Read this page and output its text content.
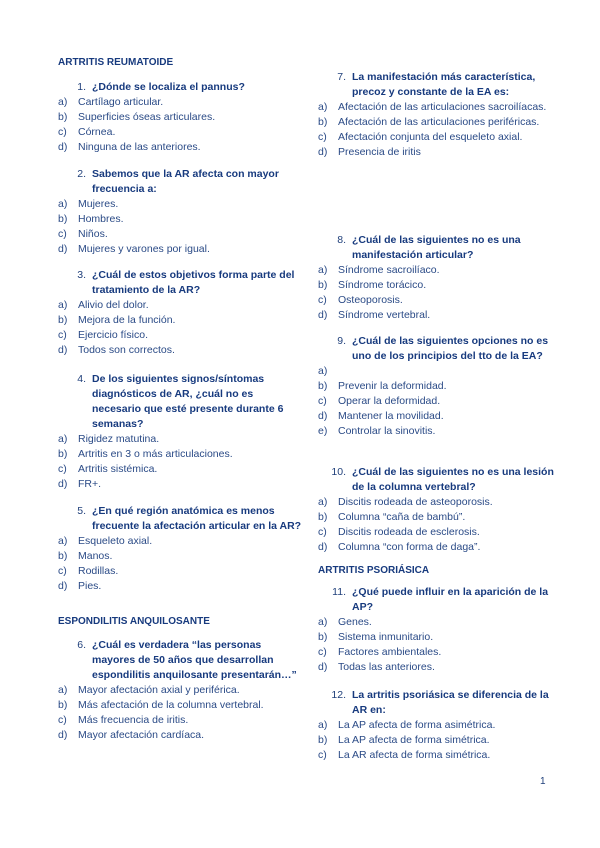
ARTRITIS REUMATOIDE
1. ¿Dónde se localiza el pannus?
a)	Cartílago articular.
b)	Superficies óseas articulares.
c)	Córnea.
d)	Ninguna de las anteriores.
2. Sabemos que la AR afecta con mayor frecuencia a:
a)	Mujeres.
b)	Hombres.
c)	Niños.
d)	Mujeres y varones por igual.
3. ¿Cuál de estos objetivos forma parte del tratamiento de la AR?
a)	Alivio del dolor.
b)	Mejora de la función.
c)	Ejercicio físico.
d)	Todos son correctos.
4. De los siguientes signos/síntomas diagnósticos de AR, ¿cuál no es necesario que esté presente durante 6 semanas?
a)	Rigidez matutina.
b)	Artritis en 3 o más articulaciones.
c)	Artritis sistémica.
d)	FR+.
5. ¿En qué región anatómica es menos frecuente la afectación articular en la AR?
a)	Esqueleto axial.
b)	Manos.
c)	Rodillas.
d)	Pies.
ESPONDILITIS ANQUILOSANTE
6. ¿Cuál es verdadera “las personas mayores de 50 años que desarrollan espondilitis anquilosante presentarán…”
a)	Mayor afectación axial y periférica.
b)	Más afectación de la columna vertebral.
c)	Más frecuencia de iritis.
d)	Mayor afectación cardíaca.
7. La manifestación más característica, precoz y constante de la EA es:
a)	Afectación de las articulaciones sacroilíacas.
b)	Afectación de las articulaciones periféricas.
c)	Afectación conjunta del esqueleto axial.
d)	Presencia de iritis
8. ¿Cuál de las siguientes no es una manifestación articular?
a)	Síndrome sacroilíaco.
b)	Síndrome torácico.
c)	Osteoporosis.
d)	Síndrome vertebral.
9. ¿Cuál de las siguientes opciones no es uno de los principios del tto de la EA?
a)
b)	Prevenir la deformidad.
c)	Operar la deformidad.
d)	Mantener la movilidad.
e)	Controlar la sinovitis.
10. ¿Cuál de las siguientes no es una lesión de la columna vertebral?
a)	Discitis rodeada de asteoporosis.
b)	Columna “caña de bambú”.
c)	Discitis rodeada de esclerosis.
d)	Columna “con forma de daga”.
ARTRITIS PSORIÁSICA
11. ¿Qué puede influir en la aparición de la AP?
a)	Genes.
b)	Sistema inmunitario.
c)	Factores ambientales.
d)	Todas las anteriores.
12. La artritis psoriásica se diferencia de la AR en:
a)	La AP afecta de forma asimétrica.
b)	La AP afecta de forma simétrica.
c)	La AR afecta de forma simétrica.
1
